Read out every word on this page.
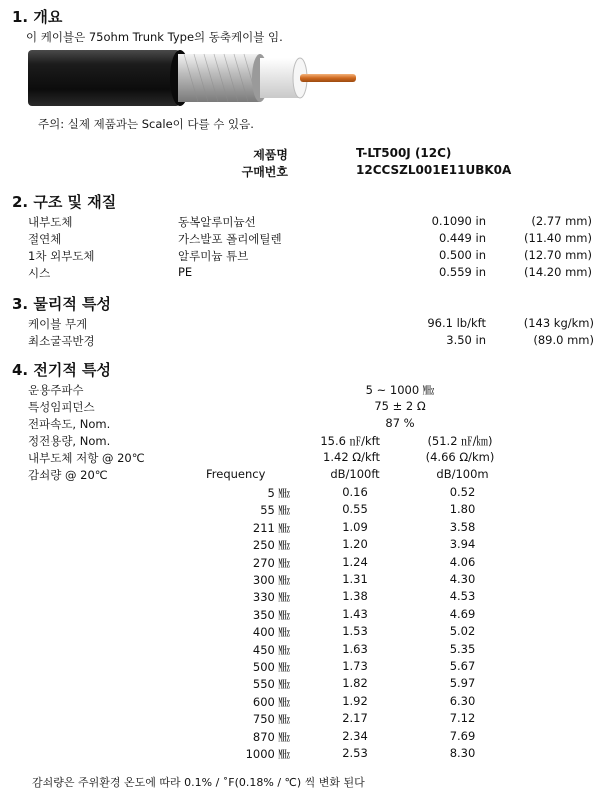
1. 개요
이 케이블은 75ohm Trunk Type의 동축케이블 임.
주의: 실제 제품과는 Scale이 다를 수 있음.
제품명	T-LT500J (12C)
구매번호	12CCSZL001E11UBK0A
2. 구조 및 재질
내부도체	동복알루미늄선	0.1090 in	(2.77 mm)
절연체	가스발포 폴리에틸렌	0.449 in	(11.40 mm)
1차 외부도체	알루미늄 튜브	0.500 in	(12.70 mm)
시스	PE	0.559 in	(14.20 mm)
3. 물리적 특성
케이블 무게	96.1 lb/kft	(143 kg/km)
최소굴곡반경	3.50 in	(89.0 mm)
4. 전기적 특성
운용주파수	5 ~ 1000 ㎒
특성임피던스	75 ± 2 Ω
전파속도, Nom.	87 %
정전용량, Nom.	15.6 ㎋/kft	(51.2 ㎋/㎞)
내부도체 저항 @ 20℃	1.42 Ω/kft	(4.66 Ω/km)
감쇠량 @ 20℃	Frequency	dB/100ft	dB/100m
5 ㎒	0.16	0.52
55 ㎒	0.55	1.80
211 ㎒	1.09	3.58
250 ㎒	1.20	3.94
270 ㎒	1.24	4.06
300 ㎒	1.31	4.30
330 ㎒	1.38	4.53
350 ㎒	1.43	4.69
400 ㎒	1.53	5.02
450 ㎒	1.63	5.35
500 ㎒	1.73	5.67
550 ㎒	1.82	5.97
600 ㎒	1.92	6.30
750 ㎒	2.17	7.12
870 ㎒	2.34	7.69
1000 ㎒	2.53	8.30
감쇠량은 주위환경 온도에 따라 0.1% / ˚F(0.18% / ℃) 씩 변화 된다
